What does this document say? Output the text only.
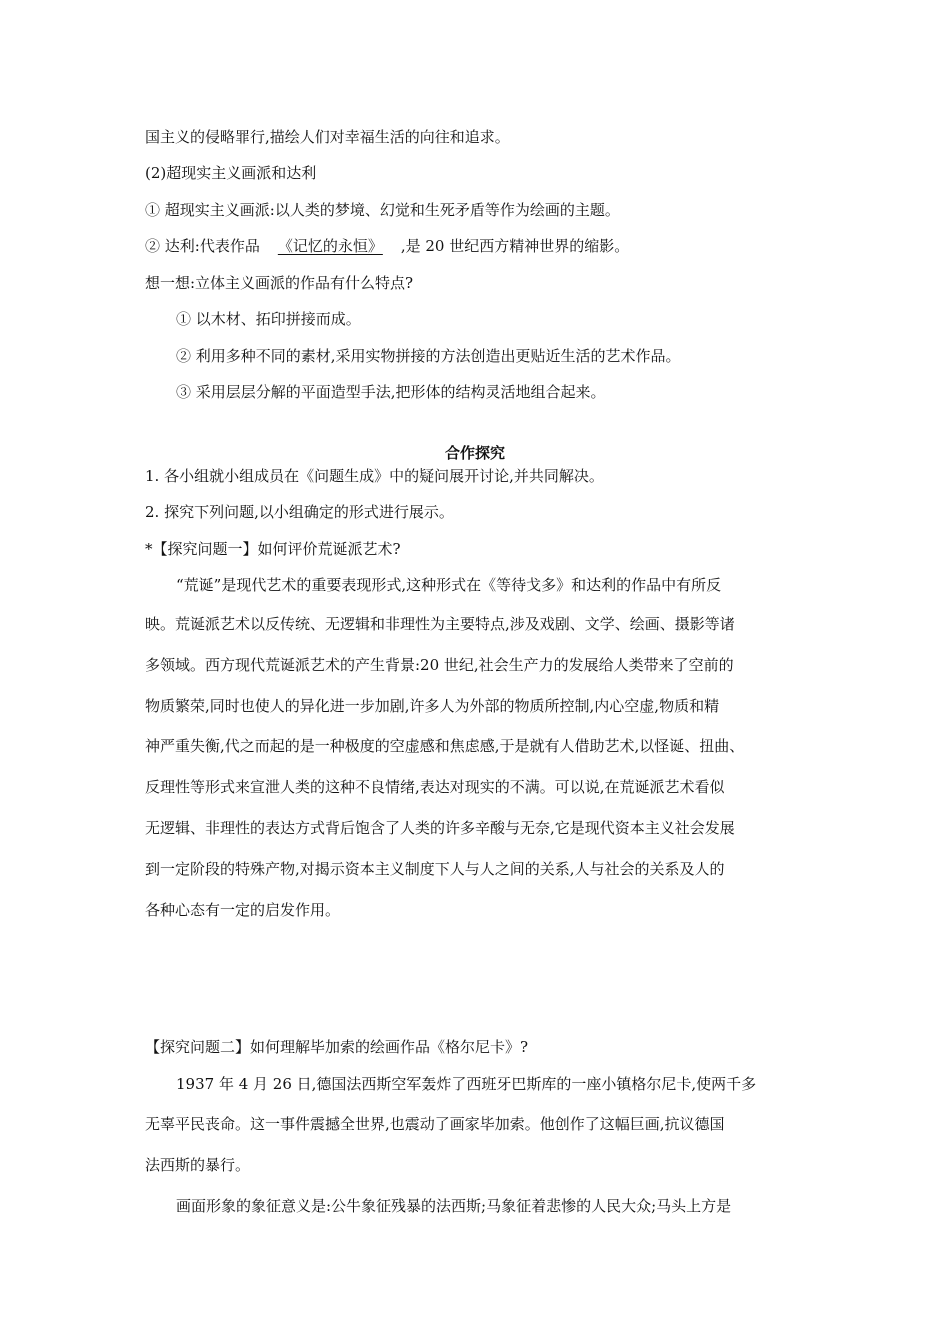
国主义的侵略罪行,描绘人们对幸福生活的向往和追求。
(2)超现实主义画派和达利
① 超现实主义画派:以人类的梦境、幻觉和生死矛盾等作为绘画的主题。
② 达利:代表作品 《记忆的永恒》 ,是 20 世纪西方精神世界的缩影。
想一想:立体主义画派的作品有什么特点?
① 以木材、拓印拼接而成。
② 利用多种不同的素材,采用实物拼接的方法创造出更贴近生活的艺术作品。
③ 采用层层分解的平面造型手法,把形体的结构灵活地组合起来。
合作探究
1. 各小组就小组成员在《问题生成》中的疑问展开讨论,并共同解决。
2. 探究下列问题,以小组确定的形式进行展示。
*【探究问题一】如何评价荒诞派艺术?
“荒诞”是现代艺术的重要表现形式,这种形式在《等待戈多》和达利的作品中有所反
映。荒诞派艺术以反传统、无逻辑和非理性为主要特点,涉及戏剧、文学、绘画、摄影等诸
多领域。西方现代荒诞派艺术的产生背景:20 世纪,社会生产力的发展给人类带来了空前的
物质繁荣,同时也使人的异化进一步加剧,许多人为外部的物质所控制,内心空虚,物质和精
神严重失衡,代之而起的是一种极度的空虚感和焦虑感,于是就有人借助艺术,以怪诞、扭曲、
反理性等形式来宣泄人类的这种不良情绪,表达对现实的不满。可以说,在荒诞派艺术看似
无逻辑、非理性的表达方式背后饱含了人类的许多辛酸与无奈,它是现代资本主义社会发展
到一定阶段的特殊产物,对揭示资本主义制度下人与人之间的关系,人与社会的关系及人的
各种心态有一定的启发作用。
【探究问题二】如何理解毕加索的绘画作品《格尔尼卡》?
1937 年 4 月 26 日,德国法西斯空军轰炸了西班牙巴斯库的一座小镇格尔尼卡,使两千多
无辜平民丧命。这一事件震撼全世界,也震动了画家毕加索。他创作了这幅巨画,抗议德国
法西斯的暴行。
画面形象的象征意义是:公牛象征残暴的法西斯;马象征着悲惨的人民大众;马头上方是
